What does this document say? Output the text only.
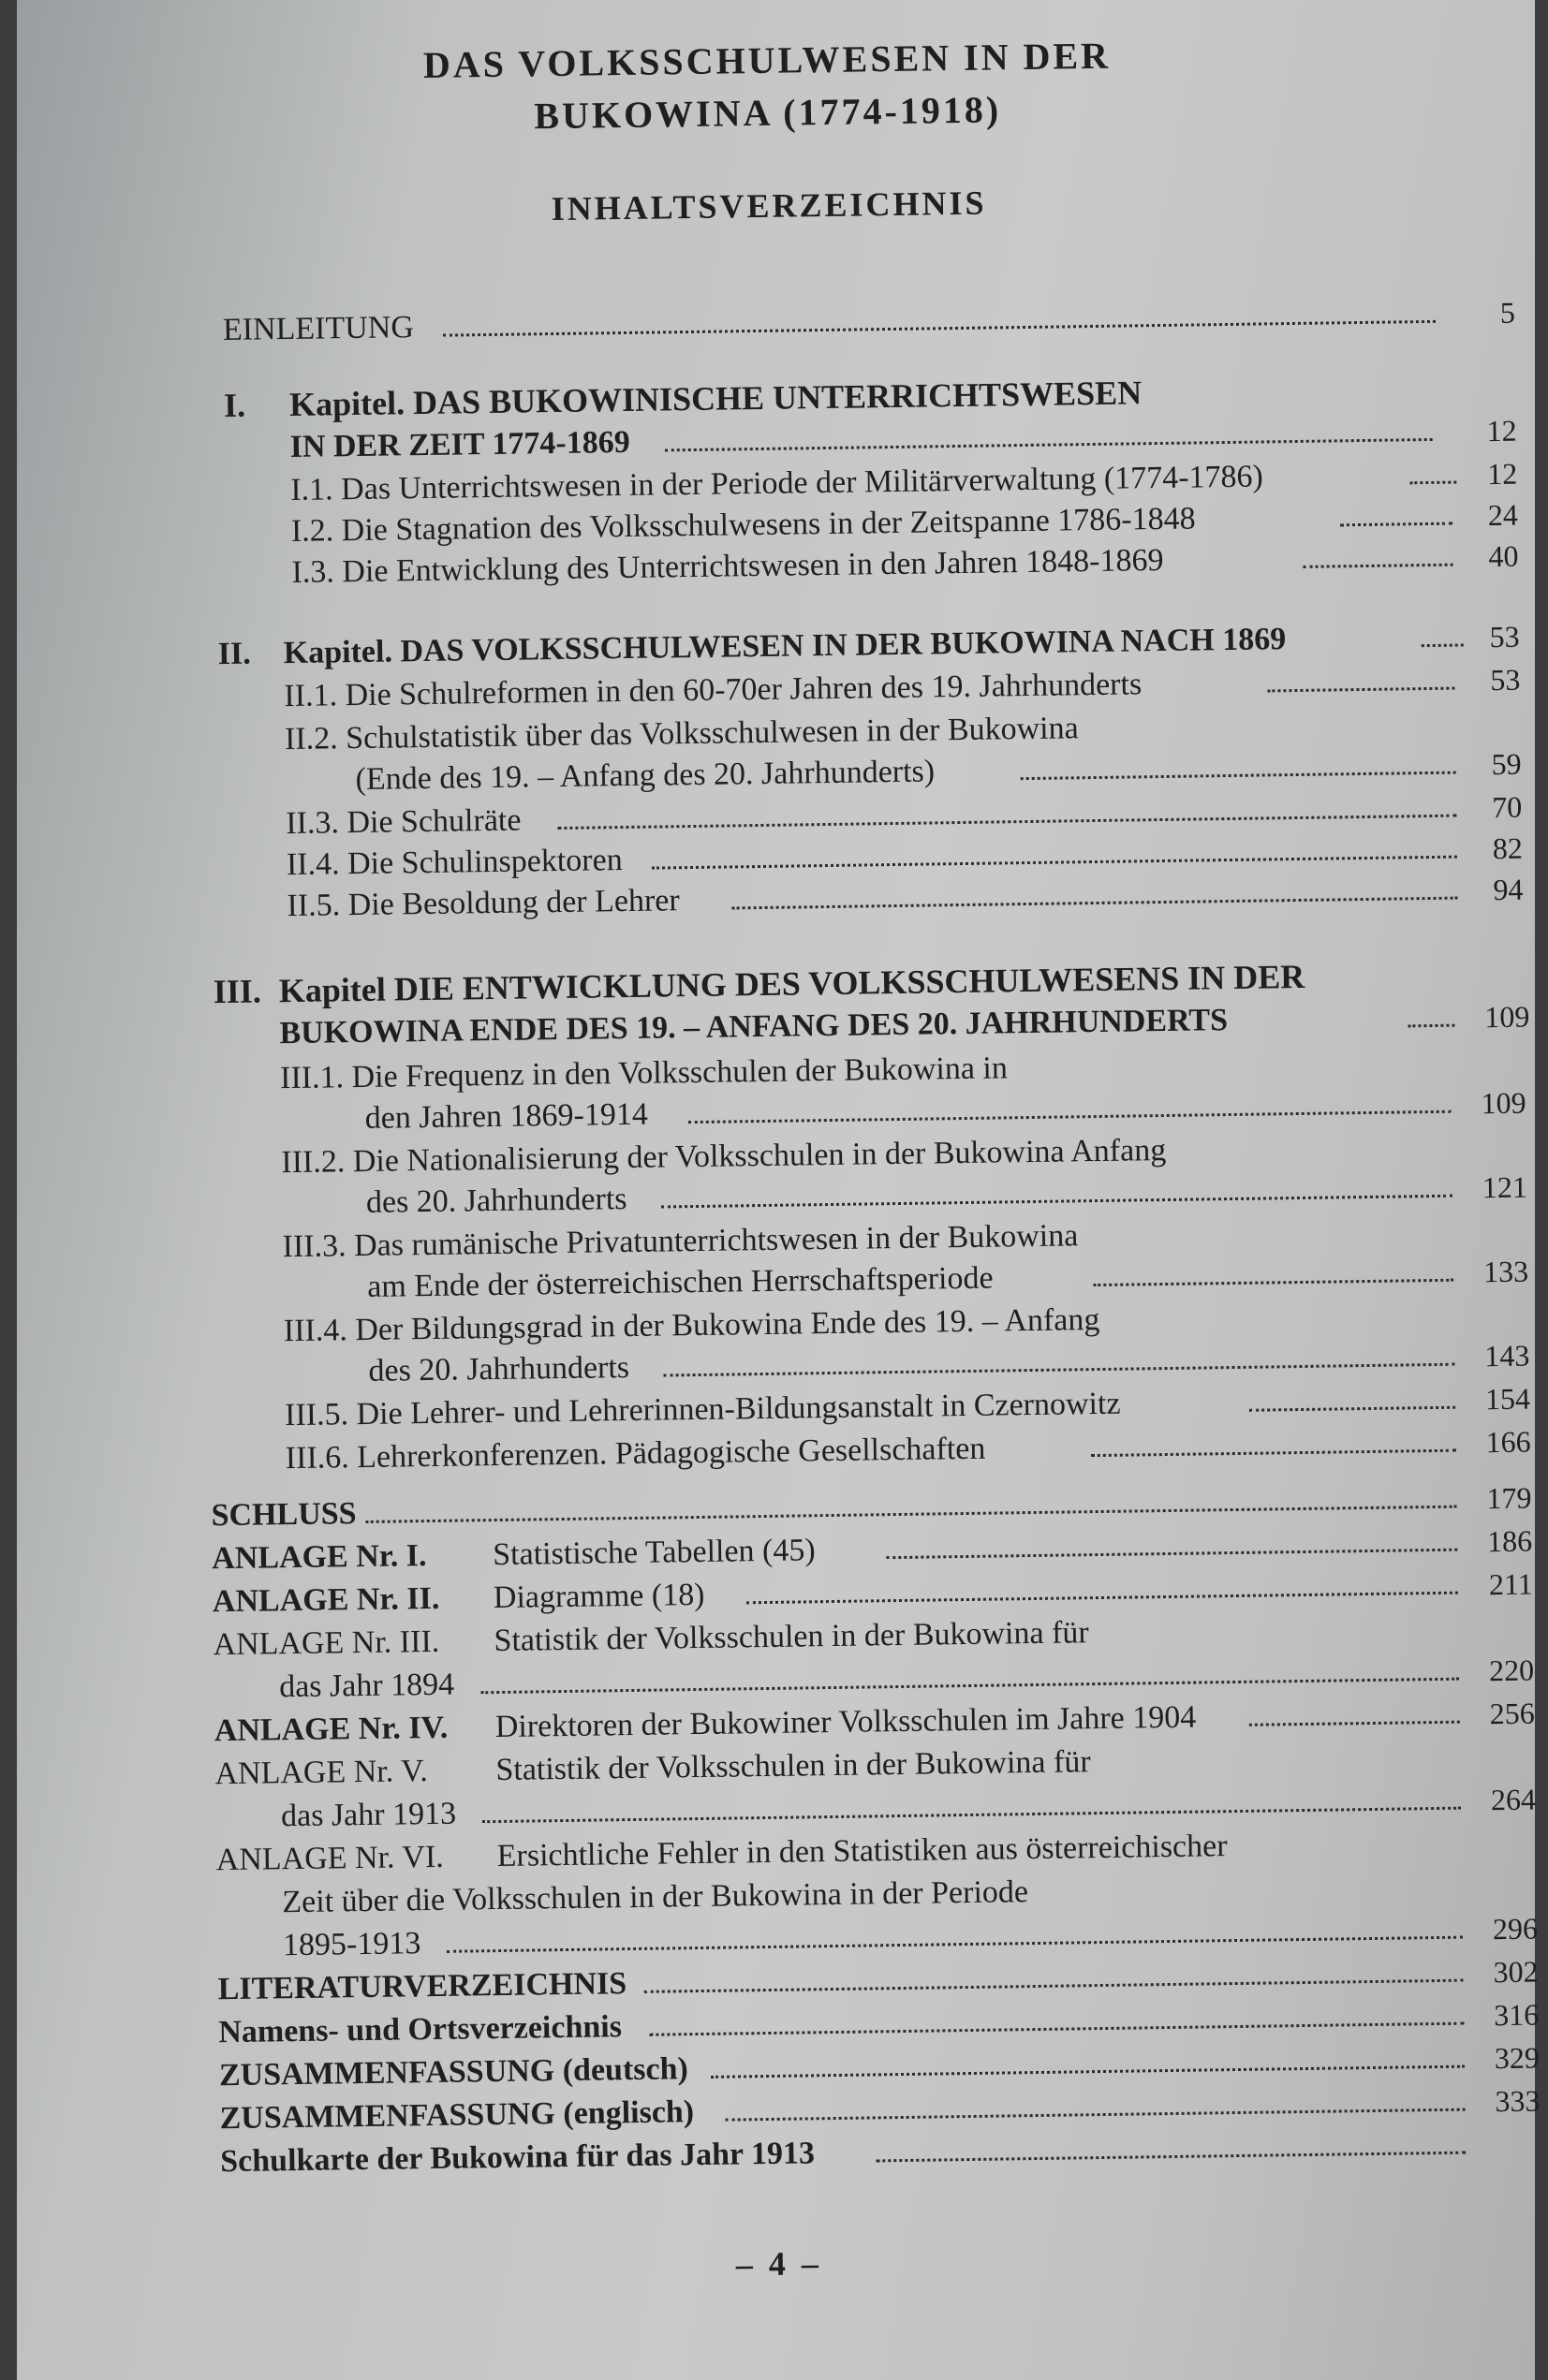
DAS VOLKSSCHULWESEN IN DER
BUKOWINA (1774-1918)
INHALTSVERZEICHNIS
EINLEITUNG	5
I. Kapitel. DAS BUKOWINISCHE UNTERRICHTSWESEN
IN DER ZEIT 1774-1869	12
I.1. Das Unterrichtswesen in der Periode der Militärverwaltung (1774-1786)	12
I.2. Die Stagnation des Volksschulwesens in der Zeitspanne 1786-1848	24
I.3. Die Entwicklung des Unterrichtswesen in den Jahren 1848-1869	40
II. Kapitel. DAS VOLKSSCHULWESEN IN DER BUKOWINA NACH 1869	53
II.1. Die Schulreformen in den 60-70er Jahren des 19. Jahrhunderts	53
II.2. Schulstatistik über das Volksschulwesen in der Bukowina
(Ende des 19. – Anfang des 20. Jahrhunderts)	59
II.3. Die Schulräte	70
II.4. Die Schulinspektoren	82
II.5. Die Besoldung der Lehrer	94
III. Kapitel DIE ENTWICKLUNG DES VOLKSSCHULWESENS IN DER
BUKOWINA ENDE DES 19. – ANFANG DES 20. JAHRHUNDERTS	109
III.1. Die Frequenz in den Volksschulen der Bukowina in
den Jahren 1869-1914	109
III.2. Die Nationalisierung der Volksschulen in der Bukowina Anfang
des 20. Jahrhunderts	121
III.3. Das rumänische Privatunterrichtswesen in der Bukowina
am Ende der österreichischen Herrschaftsperiode	133
III.4. Der Bildungsgrad in der Bukowina Ende des 19. – Anfang
des 20. Jahrhunderts	143
III.5. Die Lehrer- und Lehrerinnen-Bildungsanstalt in Czernowitz	154
III.6. Lehrerkonferenzen. Pädagogische Gesellschaften	166
SCHLUSS	179
ANLAGE Nr. I. Statistische Tabellen (45)	186
ANLAGE Nr. II. Diagramme (18)	211
ANLAGE Nr. III. Statistik der Volksschulen in der Bukowina für
das Jahr 1894	220
ANLAGE Nr. IV. Direktoren der Bukowiner Volksschulen im Jahre 1904	256
ANLAGE Nr. V. Statistik der Volksschulen in der Bukowina für
das Jahr 1913	264
ANLAGE Nr. VI. Ersichtliche Fehler in den Statistiken aus österreichischer
Zeit über die Volksschulen in der Bukowina in der Periode
1895-1913	296
LITERATURVERZEICHNIS	302
Namens- und Ortsverzeichnis	316
ZUSAMMENFASSUNG (deutsch)	329
ZUSAMMENFASSUNG (englisch)	333
Schulkarte der Bukowina für das Jahr 1913
– 4 –
